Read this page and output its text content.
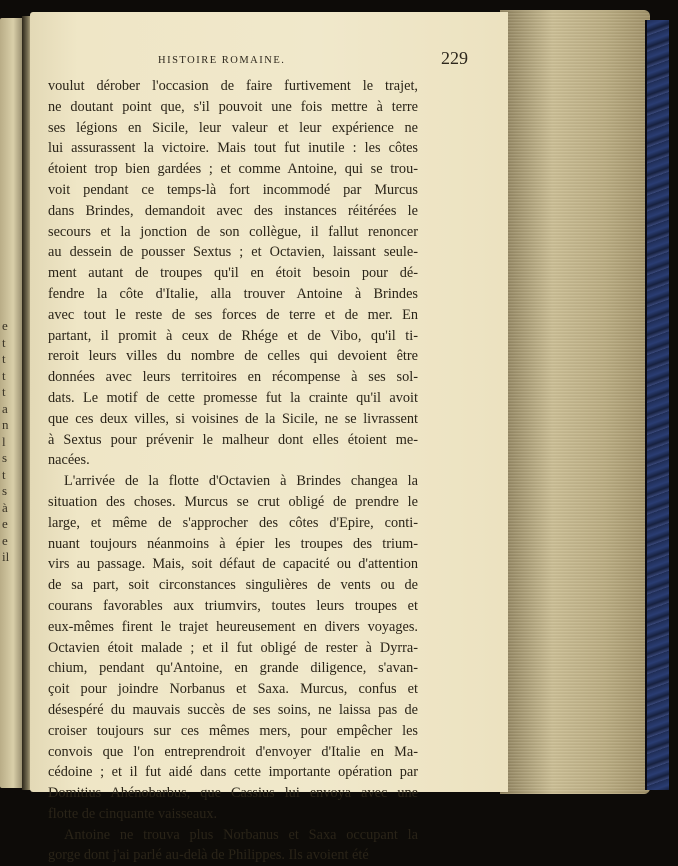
e
t
t
t
t
a
n
l
s
t
s
à
e
e
il
HISTOIRE ROMAINE.	229
voulut dérober l'occasion de faire furtivement le trajet,
ne doutant point que, s'il pouvoit une fois mettre à terre
ses légions en Sicile, leur valeur et leur expérience ne
lui assurassent la victoire. Mais tout fut inutile : les côtes
étoient trop bien gardées ; et comme Antoine, qui se trou-
voit pendant ce temps-là fort incommodé par Murcus
dans Brindes, demandoit avec des instances réitérées le
secours et la jonction de son collègue, il fallut renoncer
au dessein de pousser Sextus ; et Octavien, laissant seule-
ment autant de troupes qu'il en étoit besoin pour dé-
fendre la côte d'Italie, alla trouver Antoine à Brindes
avec tout le reste de ses forces de terre et de mer. En
partant, il promit à ceux de Rhége et de Vibo, qu'il ti-
reroit leurs villes du nombre de celles qui devoient être
données avec leurs territoires en récompense à ses sol-
dats. Le motif de cette promesse fut la crainte qu'il avoit
que ces deux villes, si voisines de la Sicile, ne se livrassent
à Sextus pour prévenir le malheur dont elles étoient me-
nacées.
L'arrivée de la flotte d'Octavien à Brindes changea la
situation des choses. Murcus se crut obligé de prendre le
large, et même de s'approcher des côtes d'Epire, conti-
nuant toujours néanmoins à épier les troupes des trium-
virs au passage. Mais, soit défaut de capacité ou d'attention
de sa part, soit circonstances singulières de vents ou de
courans favorables aux triumvirs, toutes leurs troupes et
eux-mêmes firent le trajet heureusement en divers voyages.
Octavien étoit malade ; et il fut obligé de rester à Dyrra-
chium, pendant qu'Antoine, en grande diligence, s'avan-
çoit pour joindre Norbanus et Saxa. Murcus, confus et
désespéré du mauvais succès de ses soins, ne laissa pas de
croiser toujours sur ces mêmes mers, pour empêcher les
convois que l'on entreprendroit d'envoyer d'Italie en Ma-
cédoine ; et il fut aidé dans cette importante opération par
Domitius Ahénobarbus, que Cassius lui envoya avec une
flotte de cinquante vaisseaux.
Antoine ne trouva plus Norbanus et Saxa occupant la
gorge dont j'ai parlé au-delà de Philippes. Ils avoient été
